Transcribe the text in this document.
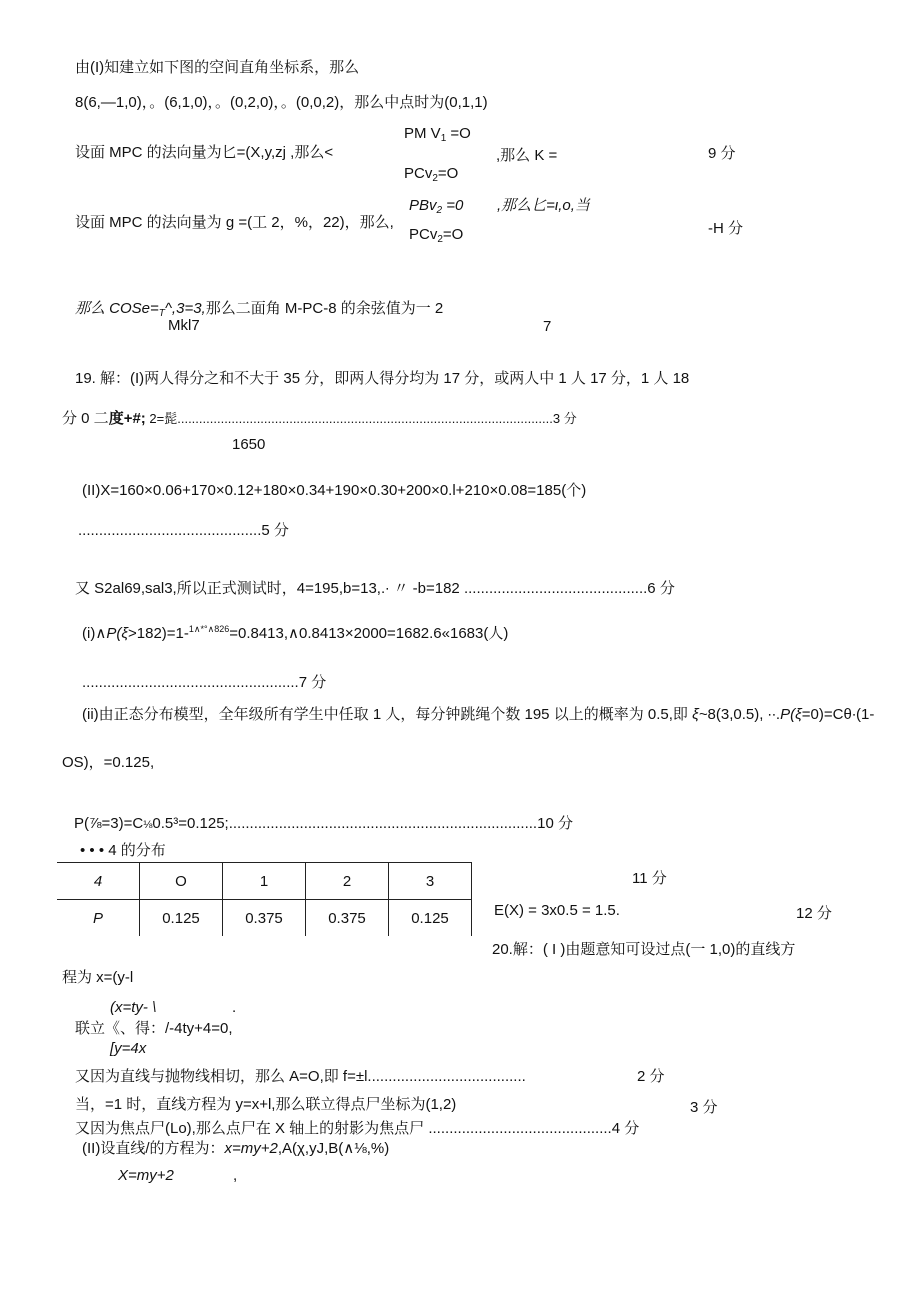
由(I)知建立如下图的空间直角坐标系，那么
8(6,—1,0)，。(6,1,0)，。(0,2,0)，。(0,0,2)，那么中点时为(0,1,1)
设面 MPC 的法向量为匕=(X,y,zj ,那么<
PM $V_1 =O$
PCv$_2$=O
,那么 K =	9 分
设面 MPC 的法向量为 g =(工 2，%，22)，那么,
PBv$_2$ =0
PCv$_2$=O
,那么匕=ι,o,当
-H 分
那么 $COSe=_T\^{},3=3$,那么二面角 M-PC-8 的余弦值为一 2
Mkl7	7
19. 解：(I)两人得分之和不大于 35 分，即两人得分均为 17 分，或两人中 1 人 17 分，1 人 18
分 0 二度+#; 2=髭........................................................................................................3 分
1650
(II)X=160×0.06+170×0.12+180×0.34+190×0.30+200×0.l+210×0.08=185(个)
............................................5 分
又 S2al69,sal3,所以正式测试时，4=195,b=13,.∙ 〃 -b=182 ............................................6 分
(i)∧P(ξ>182)=1-$^{1\wedge*^\circ\wedge 826}$=0.8413,∧0.8413×2000=1682.6«1683(人)
....................................................7 分
(ii)由正态分布模型，全年级所有学生中任取 1 人，每分钟跳绳个数 195 以上的概率为 0.5,即 ξ~8(3,0.5), ∙∙.P(ξ=0)=Cθ∙(1-
OS)，=0.125,
P(⅞=3)=C⅛0.5³=0.125;..........................................................................10 分
• • • 4 的分布
4	O	1	2	3
P	0.125	0.375	0.375	0.125
11 分
E(X) = 3x0.5 = 1.5.	12 分
20.解：( I )由题意知可设过点(一 1,0)的直线方
程为 x=(y-l
(x=ty- \	.
联立《、得：/-4ty+4=0,
[y=4x
又因为直线与抛物线相切，那么 A=O,即 f=±l......................................	2 分
当，=1 时，直线方程为 y=x+l,那么联立得点尸坐标为(1,2)	3 分
又因为焦点尸(Lo),那么点尸在 X 轴上的射影为焦点尸 ............................................4 分
(II)设直线/的方程为：x=my+2,A(χ,yJ,B(∧⅛,%)
X=my+2	,
